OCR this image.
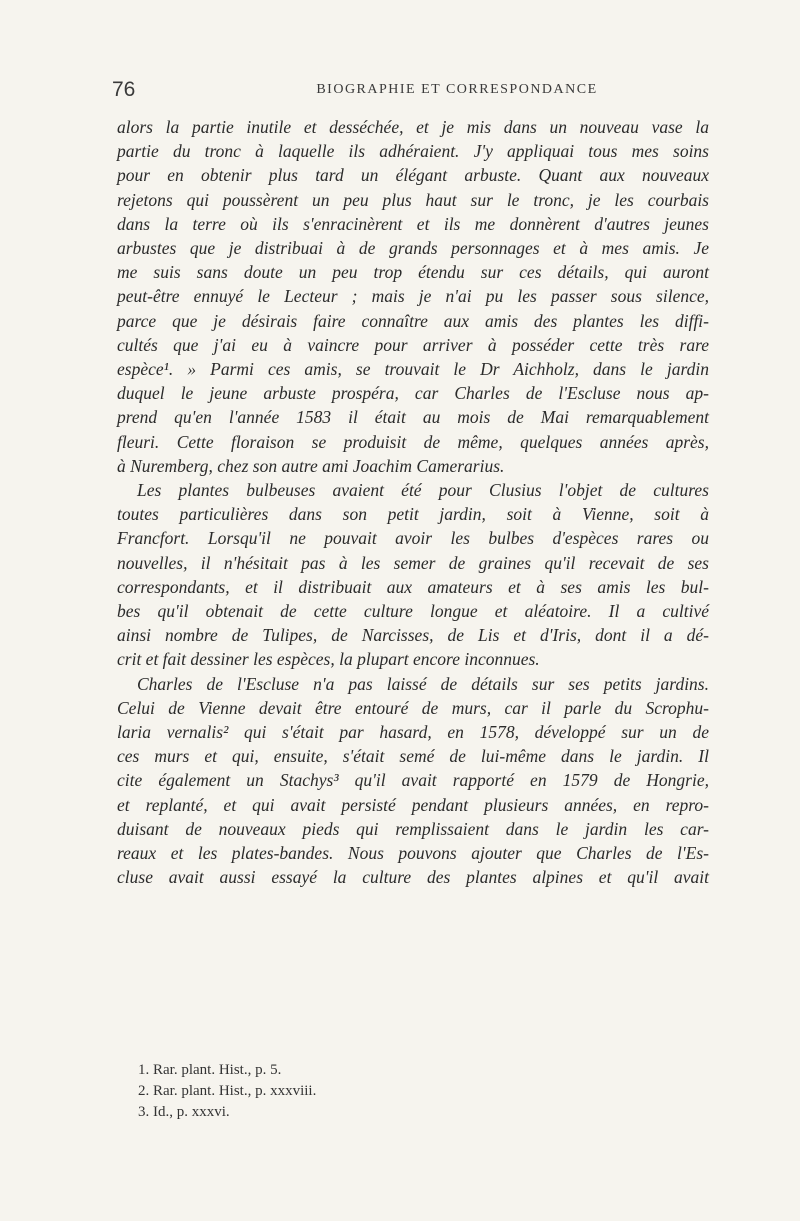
76	BIOGRAPHIE ET CORRESPONDANCE
alors la partie inutile et desséchée, et je mis dans un nouveau vase la
partie du tronc à laquelle ils adhéraient. J'y appliquai tous mes soins
pour en obtenir plus tard un élégant arbuste. Quant aux nouveaux
rejetons qui poussèrent un peu plus haut sur le tronc, je les courbais
dans la terre où ils s'enracinèrent et ils me donnèrent d'autres jeunes
arbustes que je distribuai à de grands personnages et à mes amis. Je
me suis sans doute un peu trop étendu sur ces détails, qui auront
peut-être ennuyé le Lecteur ; mais je n'ai pu les passer sous silence,
parce que je désirais faire connaître aux amis des plantes les diffi-
cultés que j'ai eu à vaincre pour arriver à posséder cette très rare
espèce¹. » Parmi ces amis, se trouvait le Dr Aichholz, dans le jardin
duquel le jeune arbuste prospéra, car Charles de l'Escluse nous ap-
prend qu'en l'année 1583 il était au mois de Mai remarquablement
fleuri. Cette floraison se produisit de même, quelques années après,
à Nuremberg, chez son autre ami Joachim Camerarius.
Les plantes bulbeuses avaient été pour Clusius l'objet de cultures
toutes particulières dans son petit jardin, soit à Vienne, soit à
Francfort. Lorsqu'il ne pouvait avoir les bulbes d'espèces rares ou
nouvelles, il n'hésitait pas à les semer de graines qu'il recevait de ses
correspondants, et il distribuait aux amateurs et à ses amis les bul-
bes qu'il obtenait de cette culture longue et aléatoire. Il a cultivé
ainsi nombre de Tulipes, de Narcisses, de Lis et d'Iris, dont il a dé-
crit et fait dessiner les espèces, la plupart encore inconnues.
Charles de l'Escluse n'a pas laissé de détails sur ses petits jardins.
Celui de Vienne devait être entouré de murs, car il parle du Scrophu-
laria vernalis² qui s'était par hasard, en 1578, développé sur un de
ces murs et qui, ensuite, s'était semé de lui-même dans le jardin. Il
cite également un Stachys³ qu'il avait rapporté en 1579 de Hongrie,
et replanté, et qui avait persisté pendant plusieurs années, en repro-
duisant de nouveaux pieds qui remplissaient dans le jardin les car-
reaux et les plates-bandes. Nous pouvons ajouter que Charles de l'Es-
cluse avait aussi essayé la culture des plantes alpines et qu'il avait
1. Rar. plant. Hist., p. 5.
2. Rar. plant. Hist., p. xxxviii.
3. Id., p. xxxvi.
